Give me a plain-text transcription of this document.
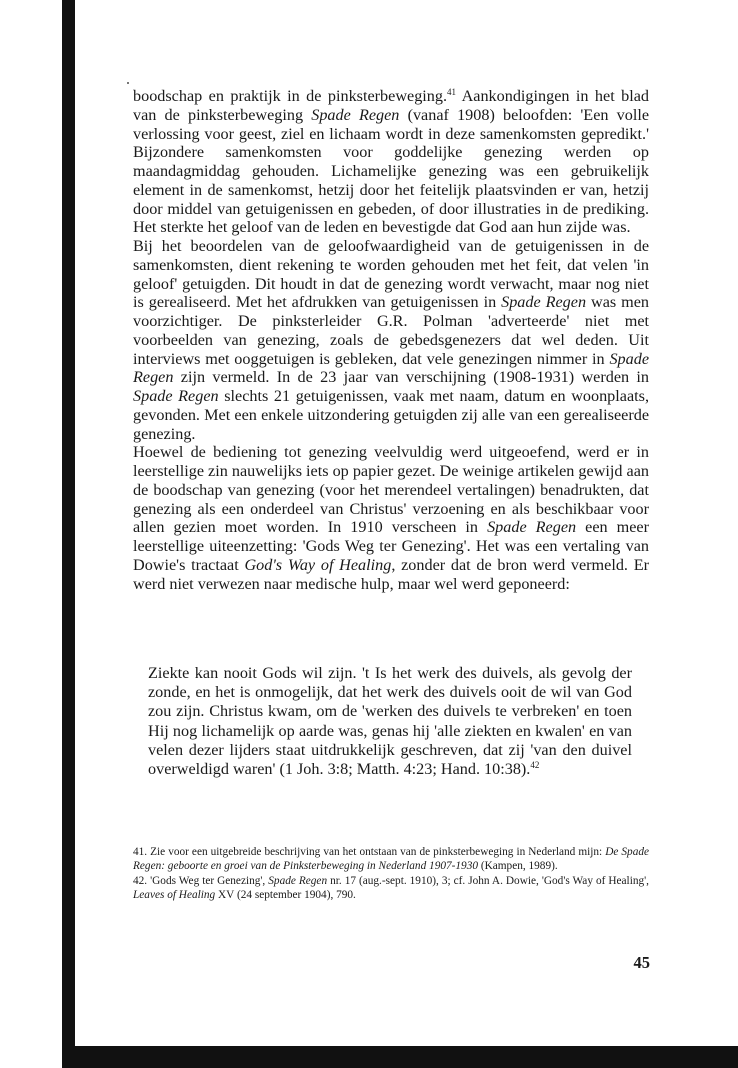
boodschap en praktijk in de pinksterbeweging.$^{41}$ Aankondigingen in het blad van de pinksterbeweging Spade Regen (vanaf 1908) beloofden: 'Een volle verlossing voor geest, ziel en lichaam wordt in deze samenkomsten gepredikt.' Bijzondere samenkomsten voor goddelijke genezing werden op maandagmiddag gehouden. Lichamelijke genezing was een gebruikelijk element in de samenkomst, hetzij door het feitelijk plaatsvinden er van, hetzij door middel van getuigenissen en gebeden, of door illustraties in de prediking. Het sterkte het geloof van de leden en bevestigde dat God aan hun zijde was.

Bij het beoordelen van de geloofwaardigheid van de getuigenissen in de samenkomsten, dient rekening te worden gehouden met het feit, dat velen 'in geloof' getuigden. Dit houdt in dat de genezing wordt verwacht, maar nog niet is gerealiseerd. Met het afdrukken van getuigenissen in Spade Regen was men voorzichtiger. De pinksterleider G.R. Polman 'adverteerde' niet met voorbeelden van genezing, zoals de gebedsgenezers dat wel deden. Uit interviews met ooggetuigen is gebleken, dat vele genezingen nimmer in Spade Regen zijn vermeld. In de 23 jaar van verschijning (1908-1931) werden in Spade Regen slechts 21 getuigenissen, vaak met naam, datum en woonplaats, gevonden. Met een enkele uitzondering getuigden zij alle van een gerealiseerde genezing.

Hoewel de bediening tot genezing veelvuldig werd uitgeoefend, werd er in leerstellige zin nauwelijks iets op papier gezet. De weinige artikelen gewijd aan de boodschap van genezing (voor het merendeel vertalingen) benadrukten, dat genezing als een onderdeel van Christus' verzoening en als beschikbaar voor allen gezien moet worden. In 1910 verscheen in Spade Regen een meer leerstellige uiteenzetting: 'Gods Weg ter Genezing'. Het was een vertaling van Dowie's tractaat God's Way of Healing, zonder dat de bron werd vermeld. Er werd niet verwezen naar medische hulp, maar wel werd geponeerd:

Ziekte kan nooit Gods wil zijn. 't Is het werk des duivels, als gevolg der zonde, en het is onmogelijk, dat het werk des duivels ooit de wil van God zou zijn. Christus kwam, om de 'werken des duivels te verbreken' en toen Hij nog lichamelijk op aarde was, genas hij 'alle ziekten en kwalen' en van velen dezer lijders staat uitdrukkelijk geschreven, dat zij 'van den duivel overweldigd waren' (1 Joh. 3:8; Matth. 4:23; Hand. 10:38).$^{42}$

41. Zie voor een uitgebreide beschrijving van het ontstaan van de pinksterbeweging in Nederland mijn: De Spade Regen: geboorte en groei van de Pinksterbeweging in Nederland 1907-1930 (Kampen, 1989).

42. 'Gods Weg ter Genezing', Spade Regen nr. 17 (aug.-sept. 1910), 3; cf. John A. Dowie, 'God's Way of Healing', Leaves of Healing XV (24 september 1904), 790.

45
